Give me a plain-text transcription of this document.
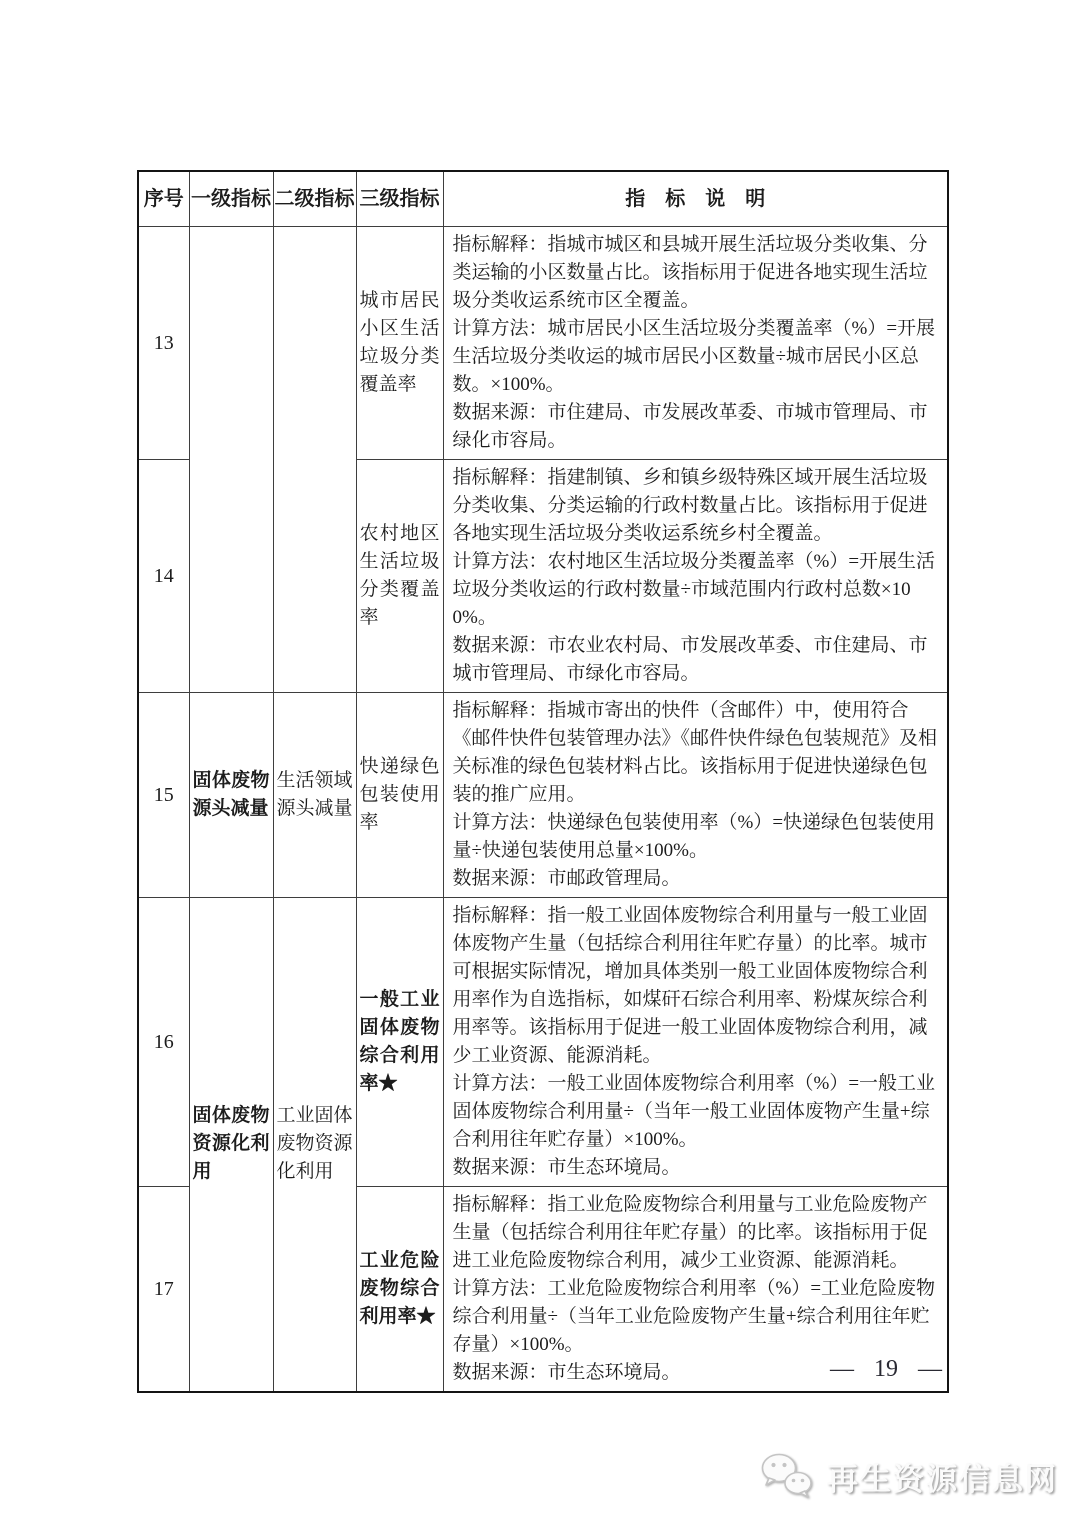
序号	一级指标	二级指标	三级指标	指　标　说　明
13			城市居民小区生活垃圾分类覆盖率	指标解释：指城市城区和县城开展生活垃圾分类收集、分类运输的小区数量占比。该指标用于促进各地实现生活垃圾分类收运系统市区全覆盖。
计算方法：城市居民小区生活垃圾分类覆盖率（%）=开展生活垃圾分类收运的城市居民小区数量÷城市居民小区总数。×100%。
数据来源：市住建局、市发展改革委、市城市管理局、市绿化市容局。

14			农村地区生活垃圾分类覆盖率	指标解释：指建制镇、乡和镇乡级特殊区域开展生活垃圾分类收集、分类运输的行政村数量占比。该指标用于促进各地实现生活垃圾分类收运系统乡村全覆盖。
计算方法：农村地区生活垃圾分类覆盖率（%）=开展生活垃圾分类收运的行政村数量÷市域范围内行政村总数×100%。
数据来源：市农业农村局、市发展改革委、市住建局、市城市管理局、市绿化市容局。

15	固体废物源头减量	生活领域源头减量	快递绿色包装使用率	指标解释：指城市寄出的快件（含邮件）中，使用符合《邮件快件包装管理办法》《邮件快件绿色包装规范》及相关标准的绿色包装材料占比。该指标用于促进快递绿色包装的推广应用。
计算方法：快递绿色包装使用率（%）=快递绿色包装使用量÷快递包装使用总量×100%。
数据来源：市邮政管理局。

16	固体废物资源化利用	工业固体废物资源化利用	一般工业固体废物综合利用率★	指标解释：指一般工业固体废物综合利用量与一般工业固体废物产生量（包括综合利用往年贮存量）的比率。城市可根据实际情况，增加具体类别一般工业固体废物综合利用率作为自选指标，如煤矸石综合利用率、粉煤灰综合利用率等。该指标用于促进一般工业固体废物综合利用，减少工业资源、能源消耗。
计算方法：一般工业固体废物综合利用率（%）=一般工业固体废物综合利用量÷（当年一般工业固体废物产生量+综合利用往年贮存量）×100%。
数据来源：市生态环境局。

17			工业危险废物综合利用率★	指标解释：指工业危险废物综合利用量与工业危险废物产生量（包括综合利用往年贮存量）的比率。该指标用于促进工业危险废物综合利用，减少工业资源、能源消耗。
计算方法：工业危险废物综合利用率（%）=工业危险废物综合利用量÷（当年工业危险废物产生量+综合利用往年贮存量）×100%。
数据来源：市生态环境局。	— 19 —
再生资源信息网
